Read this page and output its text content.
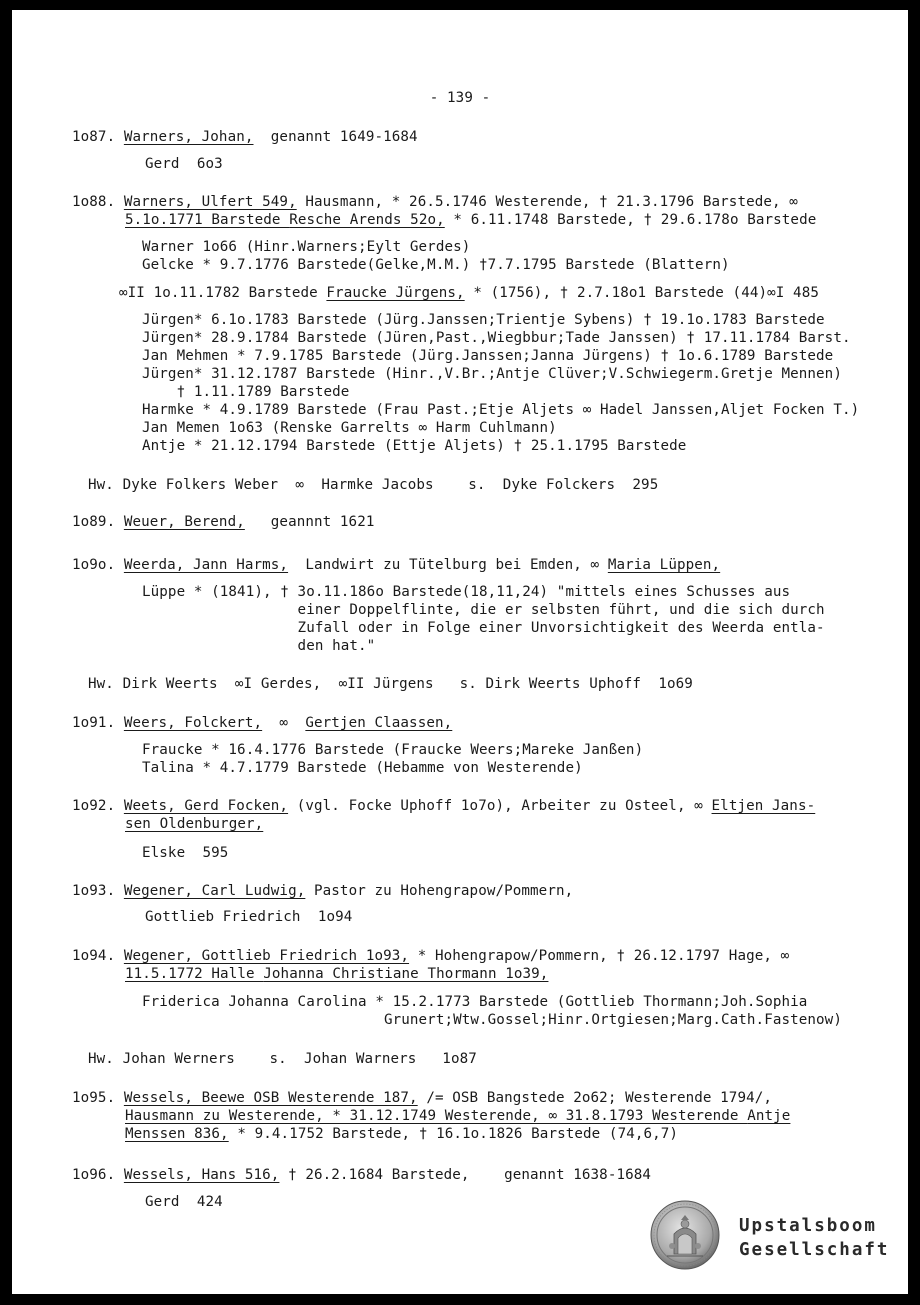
- 139 -
1o87. Warners, Johan,  genannt 1649-1684
Gerd  6o3
1o88. Warners, Ulfert 549, Hausmann, * 26.5.1746 Westerende, † 21.3.1796 Barstede, ∞
5.1o.1771 Barstede Resche Arends 52o, * 6.11.1748 Barstede, † 29.6.178o Barstede
Warner 1o66 (Hinr.Warners;Eylt Gerdes)
Gelcke * 9.7.1776 Barstede(Gelke,M.M.) †7.7.1795 Barstede (Blattern)
∞II 1o.11.1782 Barstede Fraucke Jürgens, * (1756), † 2.7.18o1 Barstede (44)∞I 485
Jürgen* 6.1o.1783 Barstede (Jürg.Janssen;Trientje Sybens) † 19.1o.1783 Barstede
Jürgen* 28.9.1784 Barstede (Jüren,Past.,Wiegbbur;Tade Janssen) † 17.11.1784 Barst.
Jan Mehmen * 7.9.1785 Barstede (Jürg.Janssen;Janna Jürgens) † 1o.6.1789 Barstede
Jürgen* 31.12.1787 Barstede (Hinr.,V.Br.;Antje Clüver;V.Schwiegerm.Gretje Mennen)
† 1.11.1789 Barstede
Harmke * 4.9.1789 Barstede (Frau Past.;Etje Aljets ∞ Hadel Janssen,Aljet Focken T.)
Jan Memen 1o63 (Renske Garrelts ∞ Harm Cuhlmann)
Antje * 21.12.1794 Barstede (Ettje Aljets) † 25.1.1795 Barstede
Hw. Dyke Folkers Weber  ∞  Harmke Jacobs    s.  Dyke Folckers  295
1o89. Weuer, Berend,   geannnt 1621
1o9o. Weerda, Jann Harms,  Landwirt zu Tütelburg bei Emden, ∞ Maria Lüppen,
Lüppe * (1841), † 3o.11.186o Barstede(18,11,24) "mittels eines Schusses aus
einer Doppelflinte, die er selbsten führt, und die sich durch
Zufall oder in Folge einer Unvorsichtigkeit des Weerda entla-
den hat."
Hw. Dirk Weerts  ∞I Gerdes,  ∞II Jürgens   s. Dirk Weerts Uphoff  1o69
1o91. Weers, Folckert,  ∞  Gertjen Claassen,
Fraucke * 16.4.1776 Barstede (Fraucke Weers;Mareke Janßen)
Talina * 4.7.1779 Barstede (Hebamme von Westerende)
1o92. Weets, Gerd Focken, (vgl. Focke Uphoff 1o7o), Arbeiter zu Osteel, ∞ Eltjen Jans-
sen Oldenburger,
Elske  595
1o93. Wegener, Carl Ludwig, Pastor zu Hohengrapow/Pommern,
Gottlieb Friedrich  1o94
1o94. Wegener, Gottlieb Friedrich 1o93, * Hohengrapow/Pommern, † 26.12.1797 Hage, ∞
11.5.1772 Halle Johanna Christiane Thormann 1o39,
Friderica Johanna Carolina * 15.2.1773 Barstede (Gottlieb Thormann;Joh.Sophia
Grunert;Wtw.Gossel;Hinr.Ortgiesen;Marg.Cath.Fastenow)
Hw. Johan Werners    s.  Johan Warners   1o87
1o95. Wessels, Beewe OSB Westerende 187, /= OSB Bangstede 2o62; Westerende 1794/,
Hausmann zu Westerende, * 31.12.1749 Westerende, ∞ 31.8.1793 Westerende Antje
Menssen 836, * 9.4.1752 Barstede, † 16.1o.1826 Barstede (74,6,7)
1o96. Wessels, Hans 516, † 26.2.1684 Barstede,    genannt 1638-1684
Gerd  424
Upstalsboom
Gesellschaft
